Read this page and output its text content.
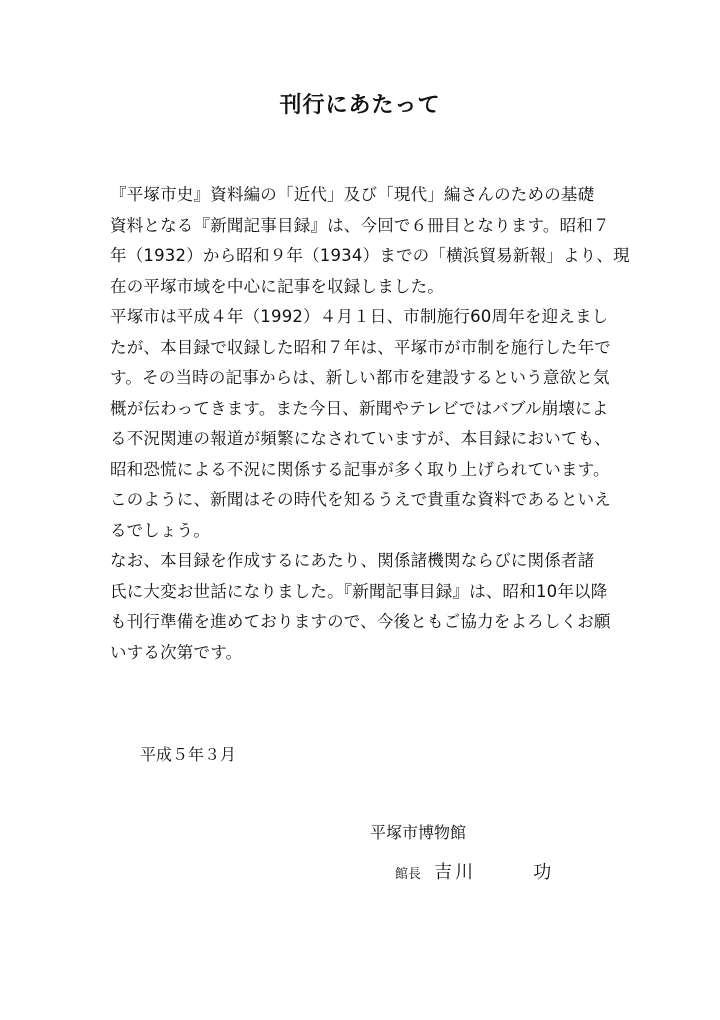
刊行にあたって
『平塚市史』資料編の「近代」及び「現代」編さんのための基礎
資料となる『新聞記事目録』は、今回で６冊目となります。昭和７
年（1932）から昭和９年（1934）までの「横浜貿易新報」より、現
在の平塚市域を中心に記事を収録しました。
平塚市は平成４年（1992）４月１日、市制施行60周年を迎えまし
たが、本目録で収録した昭和７年は、平塚市が市制を施行した年で
す。その当時の記事からは、新しい都市を建設するという意欲と気
概が伝わってきます。また今日、新聞やテレビではバブル崩壊によ
る不況関連の報道が頻繁になされていますが、本目録においても、
昭和恐慌による不況に関係する記事が多く取り上げられています。
このように、新聞はその時代を知るうえで貴重な資料であるといえ
るでしょう。
なお、本目録を作成するにあたり、関係諸機関ならびに関係者諸
氏に大変お世話になりました。『新聞記事目録』は、昭和10年以降
も刊行準備を進めておりますので、今後ともご協力をよろしくお願
いする次第です。
平成５年３月
平塚市博物館
館長 吉川	功
